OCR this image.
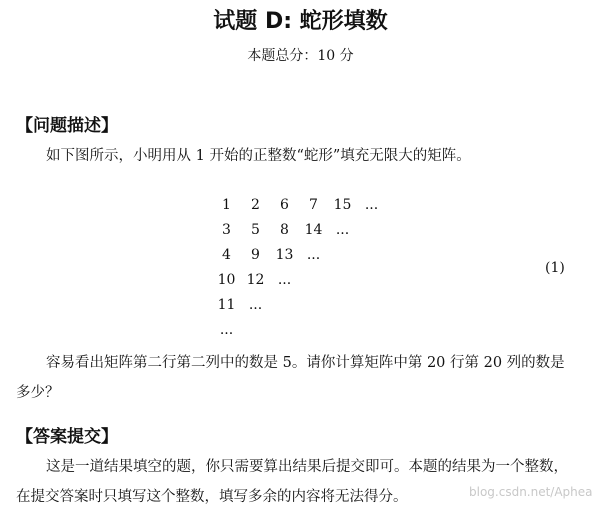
试题 D: 蛇形填数
本题总分：10 分
【问题描述】

如下图所示，小明用从 1 开始的正整数“蛇形”填充无限大的矩阵。

1	2	6	7	15 ...
3	5	8	14 ...
4	9	13 ...
10 12 ...
11 ...
...
(1)

容易看出矩阵第二行第二列中的数是 5。请你计算矩阵中第 20 行第 20 列的数是多少？

【答案提交】

这是一道结果填空的题，你只需要算出结果后提交即可。本题的结果为一个整数，在提交答案时只填写这个整数，填写多余的内容将无法得分。	blog.csdn.net/Aphea
